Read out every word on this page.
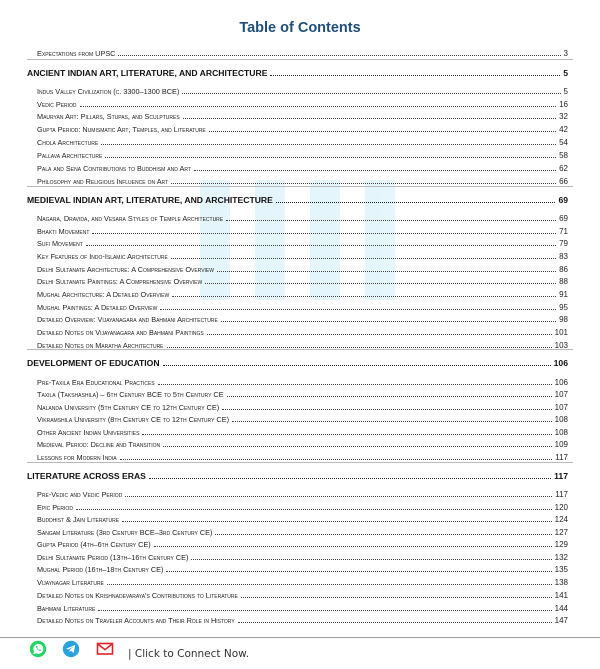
Table of Contents
Expectations from UPSC	3
ANCIENT INDIAN ART, LITERATURE, AND ARCHITECTURE	5
Indus Valley Civilization (c. 3300–1300 BCE)	5
Vedic Period	16
Mauryan Art: Pillars, Stupas, and Sculptures	32
Gupta Period: Numismatic Art, Temples, and Literature	42
Chola Architecture	54
Pallava Architecture	58
Pala and Sena Contributions to Buddhism and Art	62
Philosophy and Religious Influence on Art	66
MEDIEVAL INDIAN ART, LITERATURE, AND ARCHITECTURE	69
Nagara, Dravida, and Vesara Styles of Temple Architecture	69
Bhakti Movement	71
Sufi Movement	79
Key Features of Indo-Islamic Architecture	83
Delhi Sultanate Architecture: A Comprehensive Overview	86
Delhi Sultanate Paintings: A Comprehensive Overview	88
Mughal Architecture: A Detailed Overview	91
Mughal Paintings: A Detailed Overview	95
Detailed Overview: Vijayanagara and Bahmani Architecture	98
Detailed Notes on Vijayanagara and Bahmani Paintings	101
Detailed Notes on Maratha Architecture	103
DEVELOPMENT OF EDUCATION	106
Pre-Taxila Era Educational Practices	106
Taxila (Takshashila) – 6th Century BCE to 5th Century CE	107
Nalanda University (5th Century CE to 12th Century CE)	107
Vikramshila University (8th Century CE to 12th Century CE)	108
Other Ancient Indian Universities	108
Medieval Period: Decline and Transition	109
Lessons for Modern India	117
LITERATURE ACROSS ERAS	117
Pre-Vedic and Vedic Period	117
Epic Period	120
Buddhist & Jain Literature	124
Sangam Literature (3rd Century BCE–3rd Century CE)	127
Gupta Period (4th–6th Century CE)	129
Delhi Sultanate Period (13th–16th Century CE)	132
Mughal Period (16th–18th Century CE)	135
Vijaynagar Literature	138
Detailed Notes on Krishnadevaraya's Contributions to Literature	141
Bahmani Literature	144
Detailed Notes on Traveler Accounts and Their Role in History	147
| Click to Connect Now.
